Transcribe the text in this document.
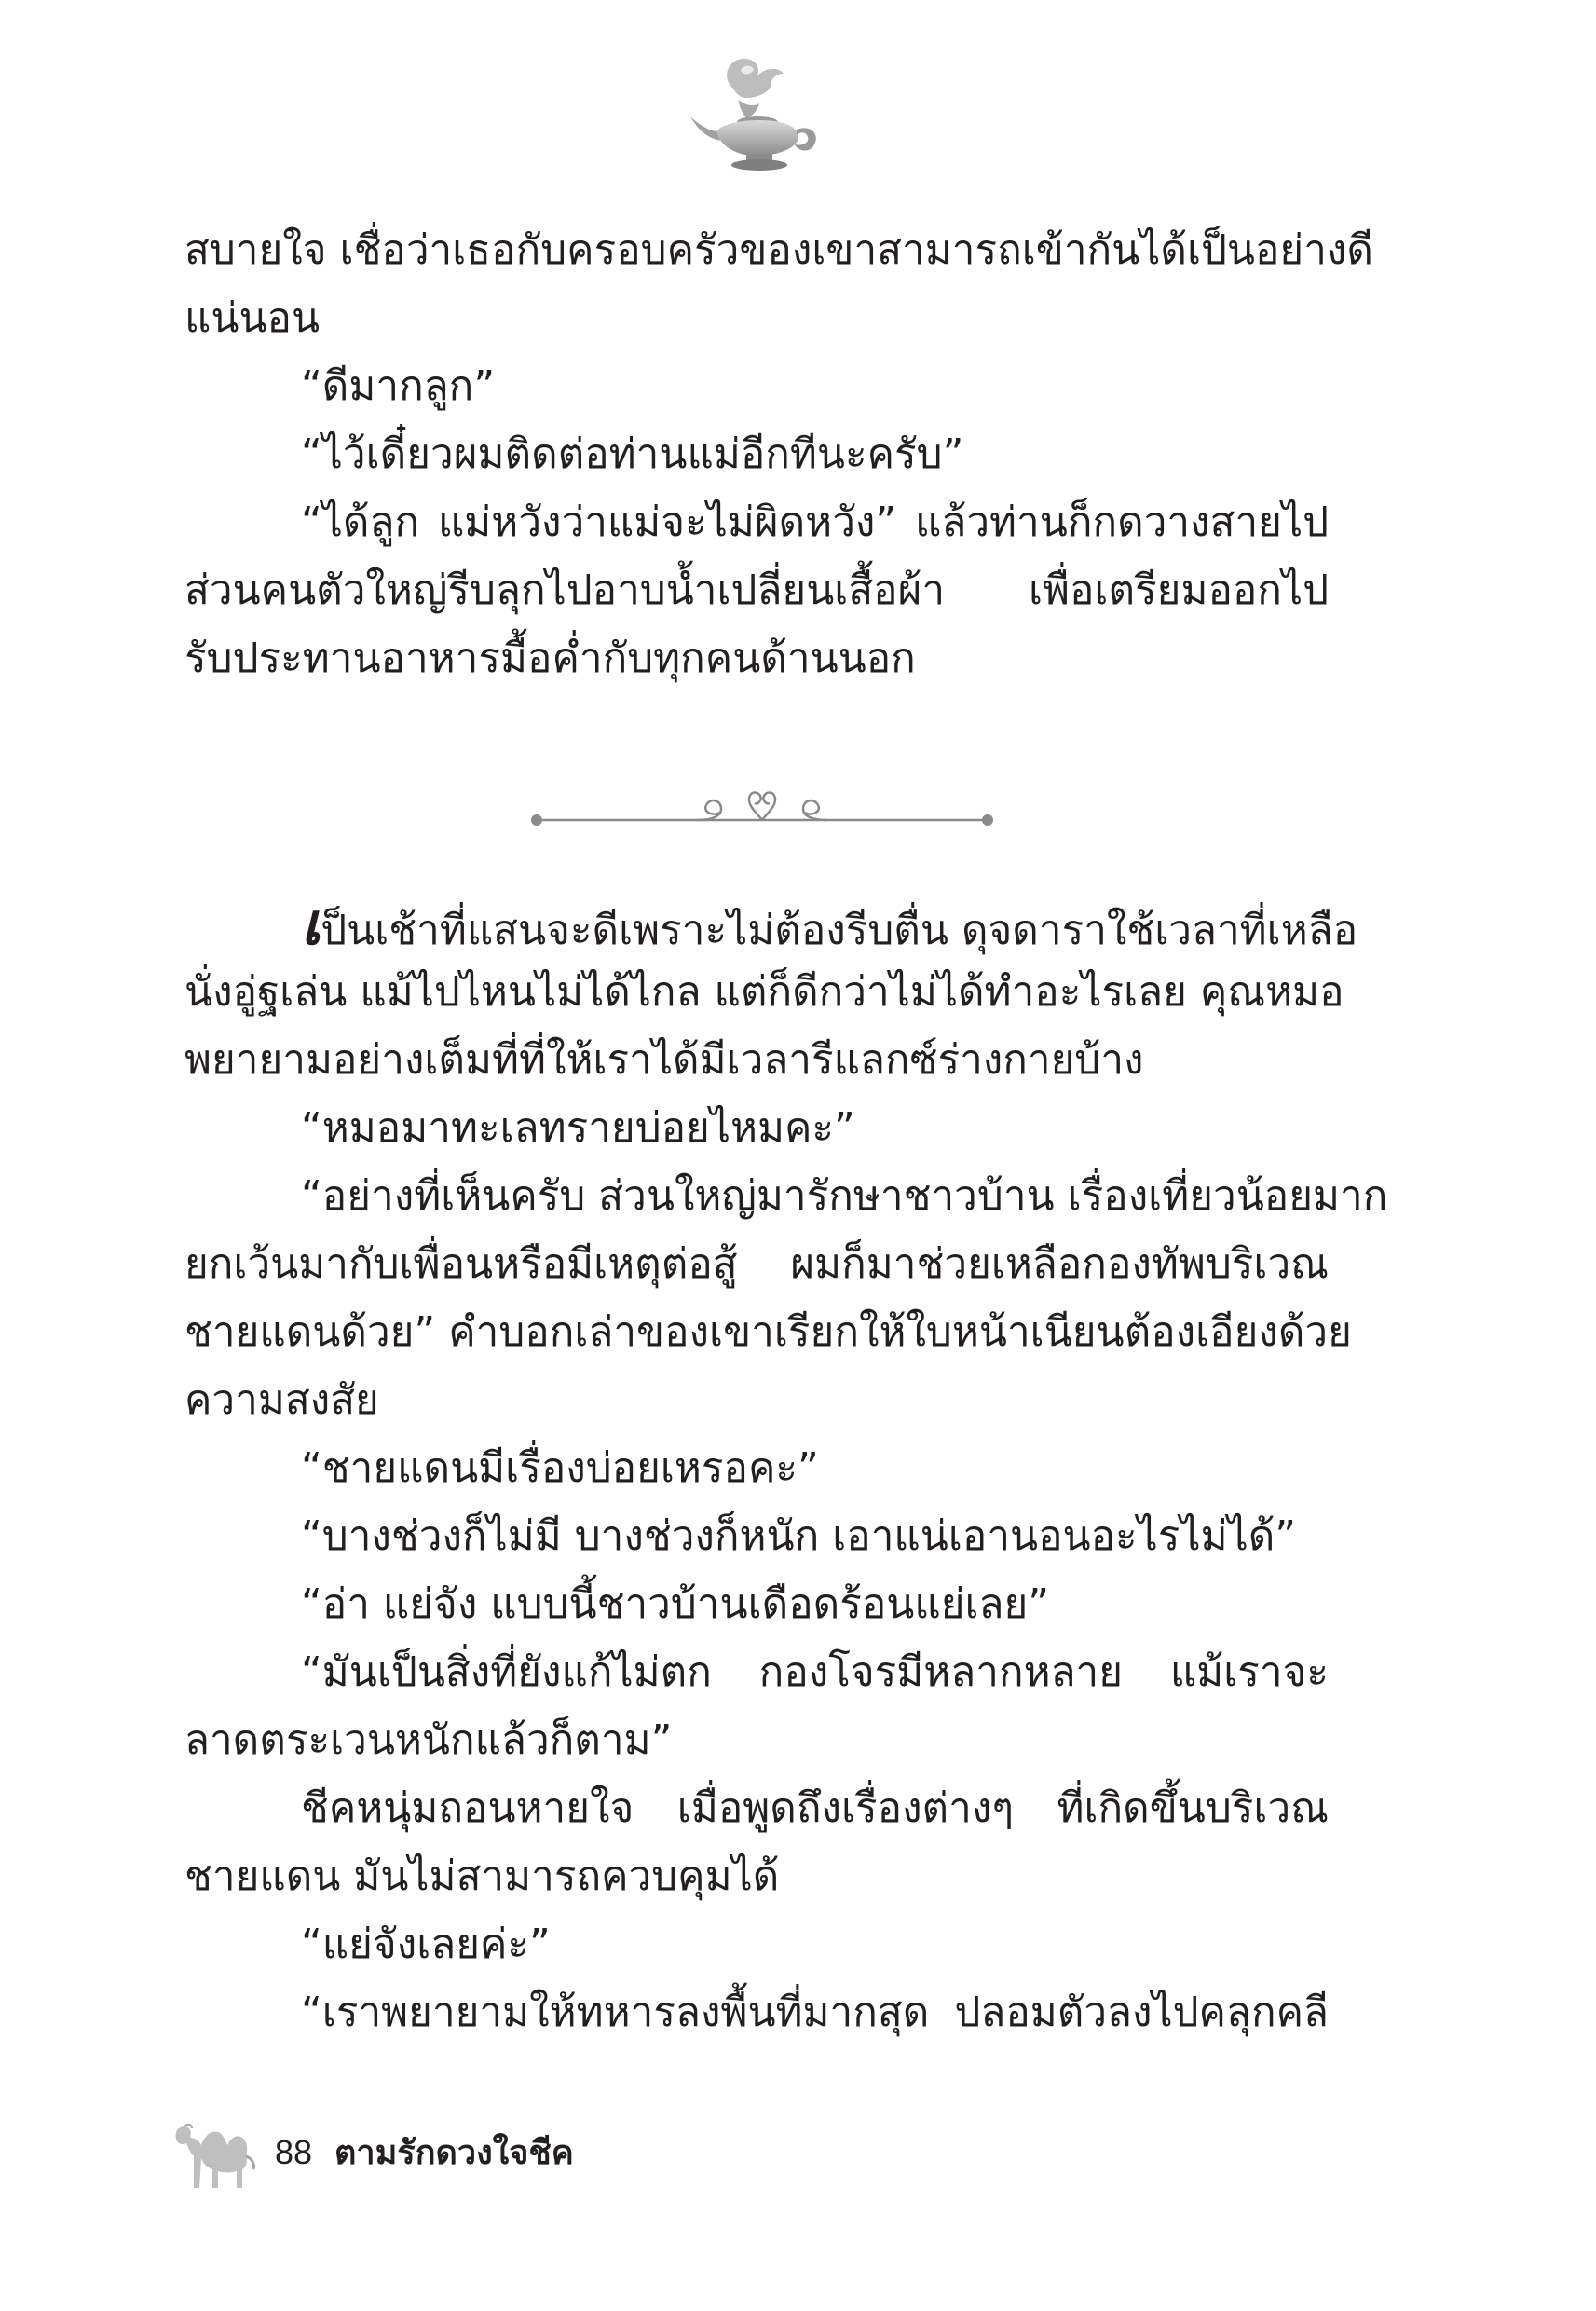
สบายใจ เชื่อว่าเธอกับครอบครัวของเขาสามารถเข้ากันได้เป็นอย่างดี
แน่นอน
“ดีมากลูก”
“ไว้เดี๋ยวผมติดต่อท่านแม่อีกทีนะครับ”
“ได้ลูก แม่หวังว่าแม่จะไม่ผิดหวัง” แล้วท่านก็กดวางสายไป
ส่วนคนตัวใหญ่รีบลุกไปอาบน้ำเปลี่ยนเสื้อผ้า เพื่อเตรียมออกไป
รับประทานอาหารมื้อค่ำกับทุกคนด้านนอก
เป็นเช้าที่แสนจะดีเพราะไม่ต้องรีบตื่น ดุจดาราใช้เวลาที่เหลือ
นั่งอู่ฐเล่น แม้ไปไหนไม่ได้ไกล แต่ก็ดีกว่าไม่ได้ทำอะไรเลย คุณหมอ
พยายามอย่างเต็มที่ที่ให้เราได้มีเวลารีแลกซ์ร่างกายบ้าง
“หมอมาทะเลทรายบ่อยไหมคะ”
“อย่างที่เห็นครับ ส่วนใหญ่มารักษาชาวบ้าน เรื่องเที่ยวน้อยมาก
ยกเว้นมากับเพื่อนหรือมีเหตุต่อสู้ ผมก็มาช่วยเหลือกองทัพบริเวณ
ชายแดนด้วย” คำบอกเล่าของเขาเรียกให้ใบหน้าเนียนต้องเอียงด้วย
ความสงสัย
“ชายแดนมีเรื่องบ่อยเหรอคะ”
“บางช่วงก็ไม่มี บางช่วงก็หนัก เอาแน่เอานอนอะไรไม่ได้”
“อ่า แย่จัง แบบนี้ชาวบ้านเดือดร้อนแย่เลย”
“มันเป็นสิ่งที่ยังแก้ไม่ตก กองโจรมีหลากหลาย แม้เราจะ
ลาดตระเวนหนักแล้วก็ตาม”
ชีคหนุ่มถอนหายใจ เมื่อพูดถึงเรื่องต่างๆ ที่เกิดขึ้นบริเวณ
ชายแดน มันไม่สามารถควบคุมได้
“แย่จังเลยค่ะ”
“เราพยายามให้ทหารลงพื้นที่มากสุด ปลอมตัวลงไปคลุกคลี
88 ตามรักดวงใจชีค
